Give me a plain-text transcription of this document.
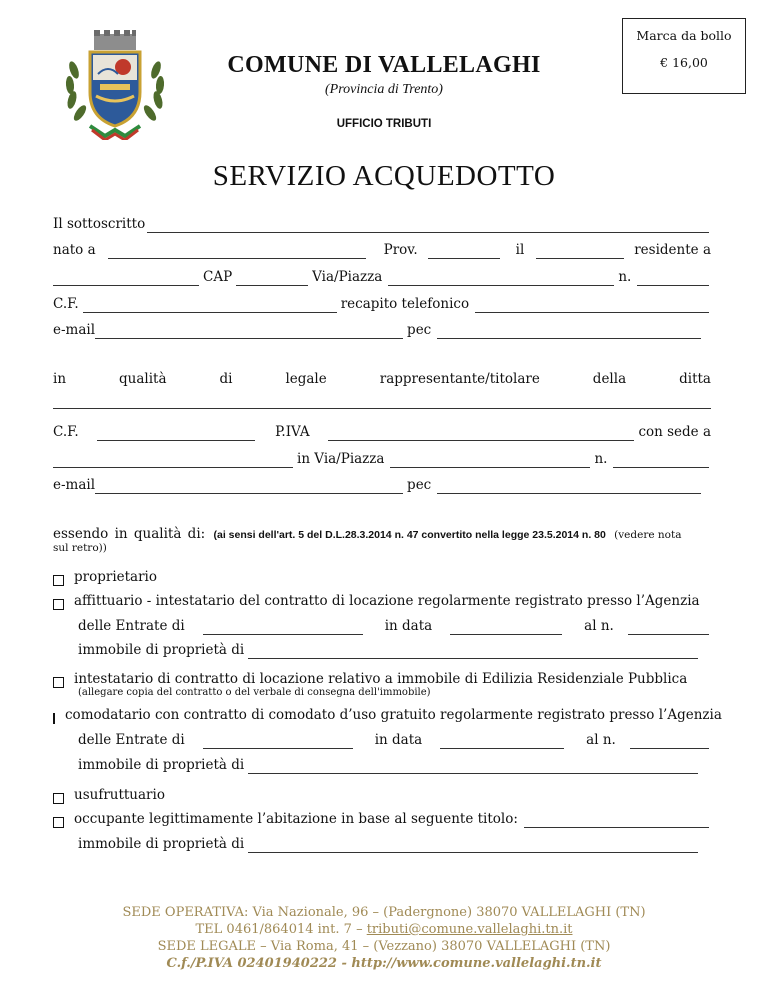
Marca da bollo
€ 16,00
COMUNE DI VALLELAGHI
(Provincia di Trento)
UFFICIO TRIBUTI
SERVIZIO ACQUEDOTTO
Il sottoscritto
nato a	Prov.	il	residente a
CAP	Via/Piazza	n.
C.F.	recapito telefonico
e-mail	pec
in	qualità	di	legale	rappresentante/titolare	della	ditta
C.F.	P.IVA	con sede a
in Via/Piazza	n.
e-mail	pec
essendo in qualità di: (ai sensi dell'art. 5 del D.L.28.3.2014 n. 47 convertito nella legge 23.5.2014 n. 80 (vedere nota
sul retro))
proprietario
affittuario - intestatario del contratto di locazione regolarmente registrato presso l’Agenzia
delle Entrate di	in data	al n.
immobile di proprietà di
intestatario di contratto di locazione relativo a immobile di Edilizia Residenziale Pubblica
(allegare copia del contratto o del verbale di consegna dell'immobile)
comodatario con contratto di comodato d’uso gratuito regolarmente registrato presso l’Agenzia
delle Entrate di	in data	al n.
immobile di proprietà di
usufruttuario
occupante legittimamente l’abitazione in base al seguente titolo:
immobile di proprietà di
SEDE OPERATIVA: Via Nazionale, 96 – (Padergnone) 38070 VALLELAGHI (TN)
TEL 0461/864014 int. 7 – tributi@comune.vallelaghi.tn.it
SEDE LEGALE – Via Roma, 41 – (Vezzano) 38070 VALLELAGHI (TN)
C.f./P.IVA 02401940222 - http://www.comune.vallelaghi.tn.it
